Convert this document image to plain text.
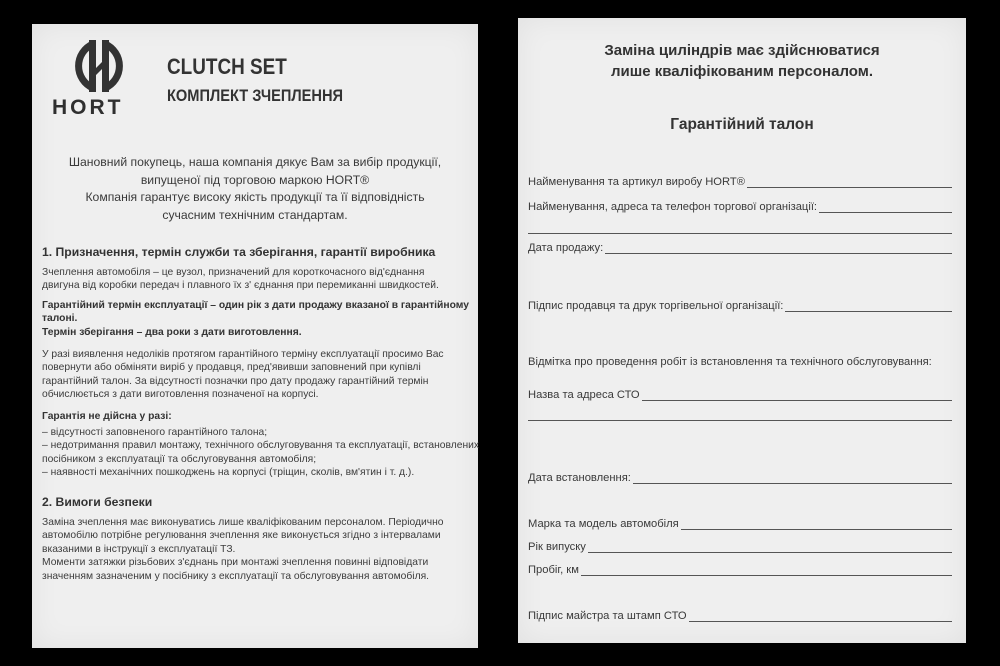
HORT
CLUTCH SET
КОМПЛЕКТ ЗЧЕПЛЕННЯ
Шановний покупець, наша компанія дякує Вам за вибір продукції,
випущеної під торговою маркою HORT®
Компанія гарантує високу якість продукції та її відповідність
сучасним технічним стандартам.
1. Призначення, термін служби та зберігання, гарантії виробника
Зчеплення автомобіля – це вузол, призначений для короткочасного від'єднання
двигуна від коробки передач і плавного їх з' єднання при перемиканні швидкостей.
Гарантійний термін експлуатації – один рік з дати продажу вказаної в гарантійному
талоні.
Термін зберігання – два роки з дати виготовлення.
У разі виявлення недоліків протягом гарантійного терміну експлуатації просимо Вас
повернути або обміняти виріб у продавця, пред'явивши заповнений при купівлі
гарантійний талон. За відсутності позначки про дату продажу гарантійний термін
обчислюється з дати виготовлення позначеної на корпусі.
Гарантія не дійсна у разі:
– відсутності заповненого гарантійного талона;
– недотримання правил монтажу, технічного обслуговування та експлуатації, встановлених
посібником з експлуатації та обслуговування автомобіля;
– наявності механічних пошкоджень на корпусі (тріщин, сколів, вм'ятин і т. д.).
2. Вимоги безпеки
Заміна зчеплення має виконуватись лише кваліфікованим персоналом. Періодично
автомобілю потрібне регулювання зчеплення яке виконується згідно з інтервалами
вказаними в інструкції з експлуатації ТЗ.
Моменти затяжки різьбових з'єднань при монтажі зчеплення повинні відповідати
значенням зазначеним у посібнику з експлуатації та обслуговування автомобіля.
Заміна циліндрів має здійснюватися
лише кваліфікованим персоналом.
Гарантійний талон
Найменування та артикул виробу HORT®
Найменування, адреса та телефон торгової організації:
Дата продажу:
Підпис продавця та друк торгівельної організації:
Відмітка про проведення робіт із встановлення та технічного обслуговування:
Назва та адреса СТО
Дата встановлення:
Марка та модель автомобіля
Рік випуску
Пробіг, км
Підпис майстра та штамп СТО
